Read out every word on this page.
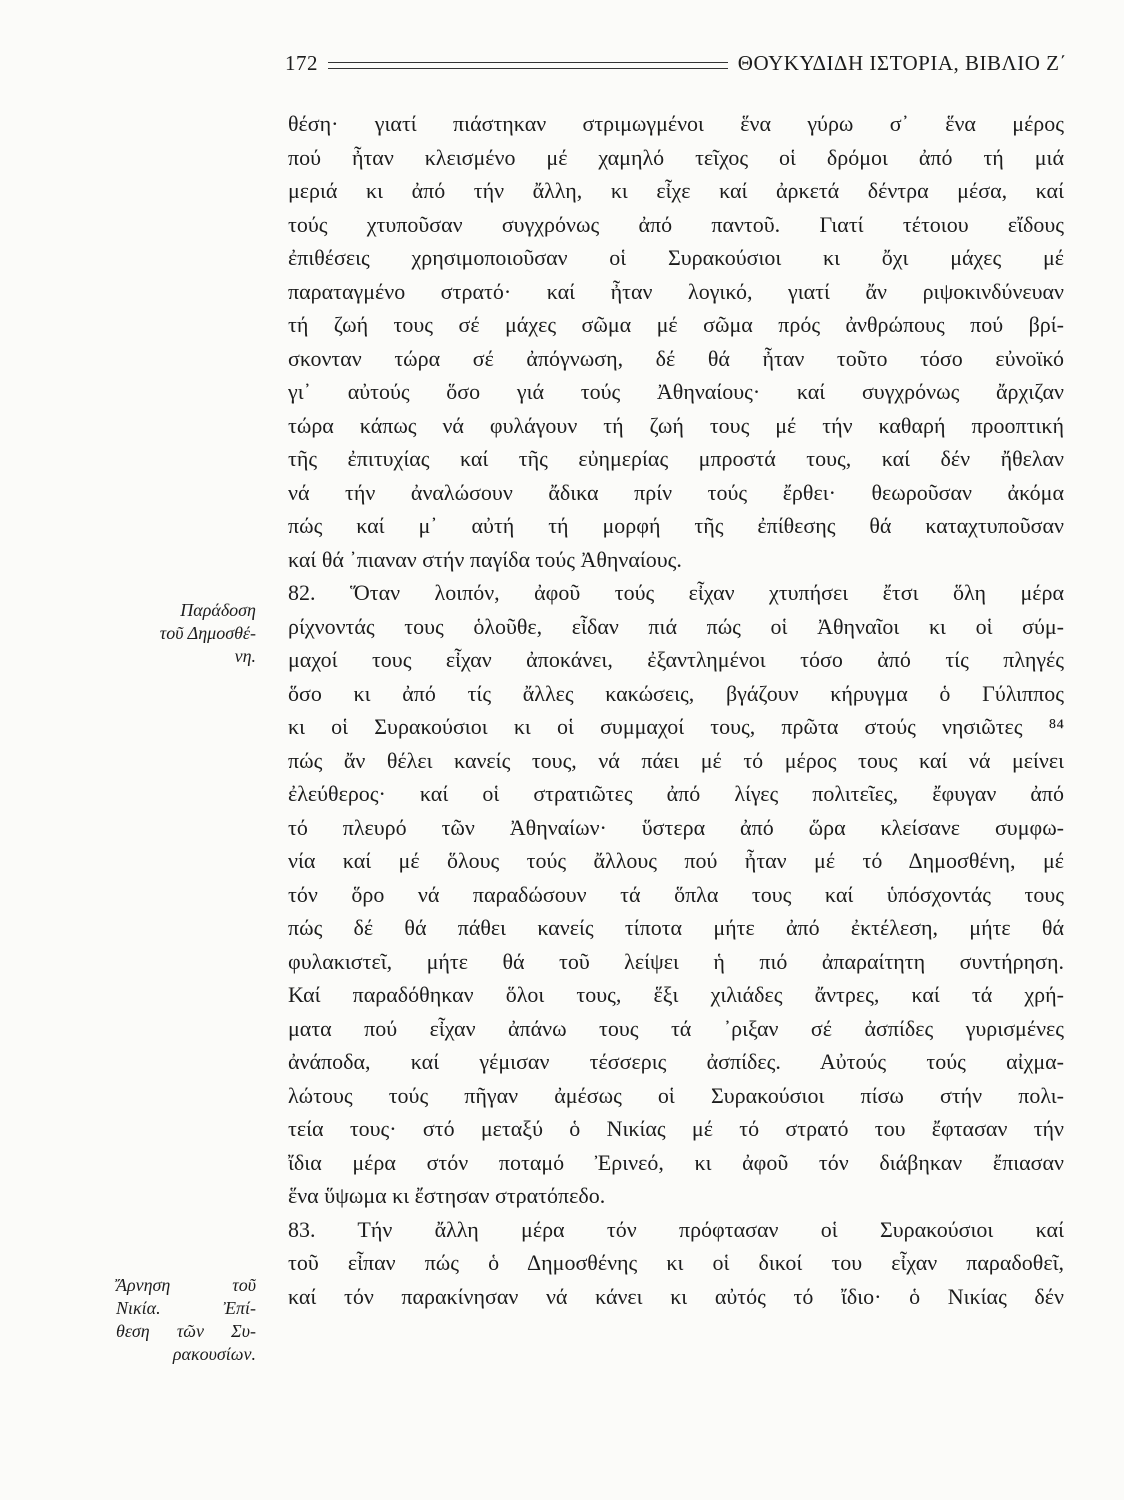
172	ΘΟΥΚΥΔΙΔΗ ΙΣΤΟΡΙΑ, ΒΙΒΛΙΟ Ζ΄
Παράδοση
τοῦ Δημοσθέ-
νη.
Ἄρνηση τοῦ
Νικία. Ἐπί-
θεση τῶν Συ-
ρακουσίων.
θέση· γιατί πιάστηκαν στριμωγμένοι ἕνα γύρω σ᾽ ἕνα μέρος
πού ἦταν κλεισμένο μέ χαμηλό τεῖχος οἱ δρόμοι ἀπό τή μιά
μεριά κι ἀπό τήν ἄλλη, κι εἶχε καί ἀρκετά δέντρα μέσα, καί
τούς χτυποῦσαν συγχρόνως ἀπό παντοῦ. Γιατί τέτοιου εἴδους
ἐπιθέσεις χρησιμοποιοῦσαν οἱ Συρακούσιοι κι ὄχι μάχες μέ
παραταγμένο στρατό· καί ἦταν λογικό, γιατί ἄν ριψοκινδύνευαν
τή ζωή τους σέ μάχες σῶμα μέ σῶμα πρός ἀνθρώπους πού βρί-
σκονταν τώρα σέ ἀπόγνωση, δέ θά ἦταν τοῦτο τόσο εὐνοϊκό
γι᾽ αὐτούς ὅσο γιά τούς Ἀθηναίους· καί συγχρόνως ἄρχιζαν
τώρα κάπως νά φυλάγουν τή ζωή τους μέ τήν καθαρή προοπτική
τῆς ἐπιτυχίας καί τῆς εὐημερίας μπροστά τους, καί δέν ἤθελαν
νά τήν ἀναλώσουν ἄδικα πρίν τούς ἔρθει· θεωροῦσαν ἀκόμα
πώς καί μ᾽ αὐτή τή μορφή τῆς ἐπίθεσης θά καταχτυποῦσαν
καί θά ᾽πιαναν στήν παγίδα τούς Ἀθηναίους.
82. Ὅταν λοιπόν, ἀφοῦ τούς εἶχαν χτυπήσει ἔτσι ὅλη μέρα
ρίχνοντάς τους ὁλοῦθε, εἶδαν πιά πώς οἱ Ἀθηναῖοι κι οἱ σύμ-
μαχοί τους εἶχαν ἀποκάνει, ἐξαντλημένοι τόσο ἀπό τίς πληγές
ὅσο κι ἀπό τίς ἄλλες κακώσεις, βγάζουν κήρυγμα ὁ Γύλιππος
κι οἱ Συρακούσιοι κι οἱ συμμαχοί τους, πρῶτα στούς νησιῶτες ⁸⁴
πώς ἄν θέλει κανείς τους, νά πάει μέ τό μέρος τους καί νά μείνει
ἐλεύθερος· καί οἱ στρατιῶτες ἀπό λίγες πολιτεῖες, ἔφυγαν ἀπό
τό πλευρό τῶν Ἀθηναίων· ὕστερα ἀπό ὥρα κλείσανε συμφω-
νία καί μέ ὅλους τούς ἄλλους πού ἦταν μέ τό Δημοσθένη, μέ
τόν ὅρο νά παραδώσουν τά ὅπλα τους καί ὑπόσχοντάς τους
πώς δέ θά πάθει κανείς τίποτα μήτε ἀπό ἐκτέλεση, μήτε θά
φυλακιστεῖ, μήτε θά τοῦ λείψει ἡ πιό ἀπαραίτητη συντήρηση.
Καί παραδόθηκαν ὅλοι τους, ἕξι χιλιάδες ἄντρες, καί τά χρή-
ματα πού εἶχαν ἀπάνω τους τά ᾽ριξαν σέ ἀσπίδες γυρισμένες
ἀνάποδα, καί γέμισαν τέσσερις ἀσπίδες. Αὐτούς τούς αἰχμα-
λώτους τούς πῆγαν ἀμέσως οἱ Συρακούσιοι πίσω στήν πολι-
τεία τους· στό μεταξύ ὁ Νικίας μέ τό στρατό του ἔφτασαν τήν
ἴδια μέρα στόν ποταμό Ἐρινεό, κι ἀφοῦ τόν διάβηκαν ἔπιασαν
ἕνα ὕψωμα κι ἔστησαν στρατόπεδο.
83. Τήν ἄλλη μέρα τόν πρόφτασαν οἱ Συρακούσιοι καί
τοῦ εἶπαν πώς ὁ Δημοσθένης κι οἱ δικοί του εἶχαν παραδοθεῖ,
καί τόν παρακίνησαν νά κάνει κι αὐτός τό ἴδιο· ὁ Νικίας δέν
